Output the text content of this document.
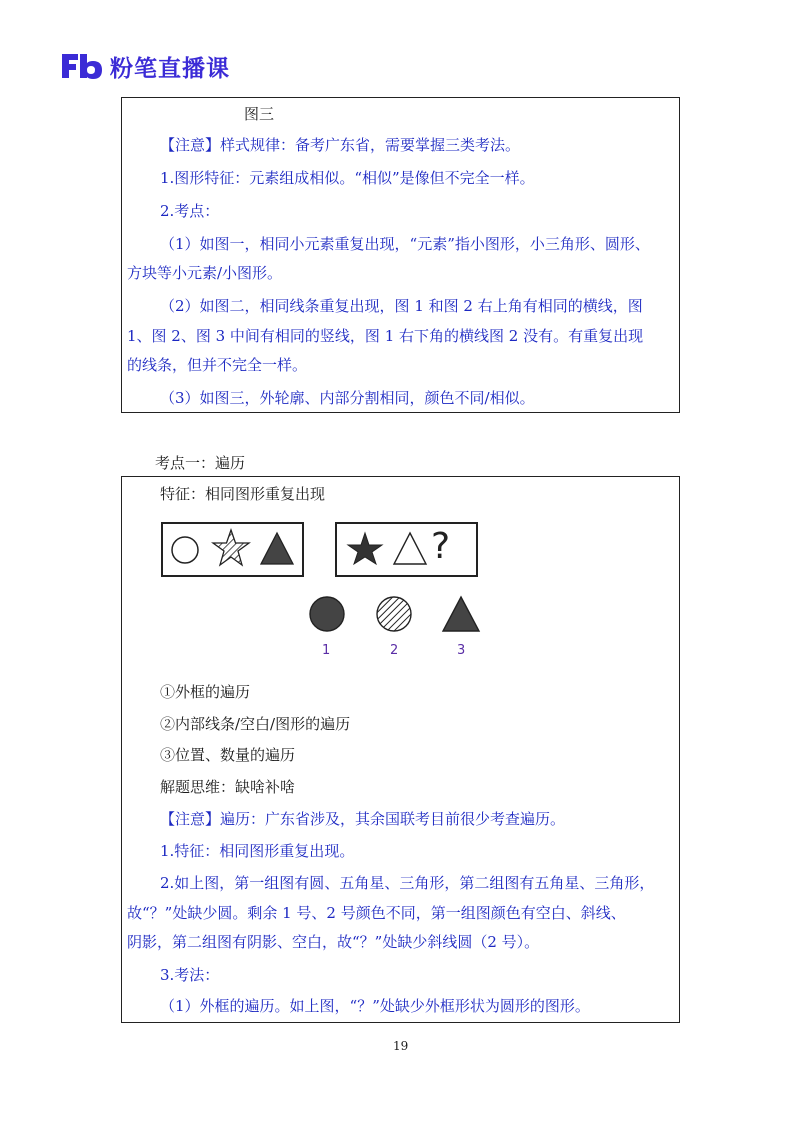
粉笔直播课
图三
【注意】样式规律：备考广东省，需要掌握三类考法。
1.图形特征：元素组成相似。“相似”是像但不完全一样。
2.考点：
（1）如图一，相同小元素重复出现，“元素”指小图形，小三角形、圆形、
方块等小元素/小图形。
（2）如图二，相同线条重复出现，图 1 和图 2 右上角有相同的横线，图
1、图 2、图 3 中间有相同的竖线，图 1 右下角的横线图 2 没有。有重复出现
的线条，但并不完全一样。
（3）如图三，外轮廓、内部分割相同，颜色不同/相似。
考点一：遍历
特征：相同图形重复出现
?
1	2	3
①外框的遍历
②内部线条/空白/图形的遍历
③位置、数量的遍历
解题思维：缺啥补啥
【注意】遍历：广东省涉及，其余国联考目前很少考查遍历。
1.特征：相同图形重复出现。
2.如上图，第一组图有圆、五角星、三角形，第二组图有五角星、三角形，
故“？”处缺少圆。剩余 1 号、2 号颜色不同，第一组图颜色有空白、斜线、
阴影，第二组图有阴影、空白，故“？”处缺少斜线圆（2 号）。
3.考法：
（1）外框的遍历。如上图，“？”处缺少外框形状为圆形的图形。
19
